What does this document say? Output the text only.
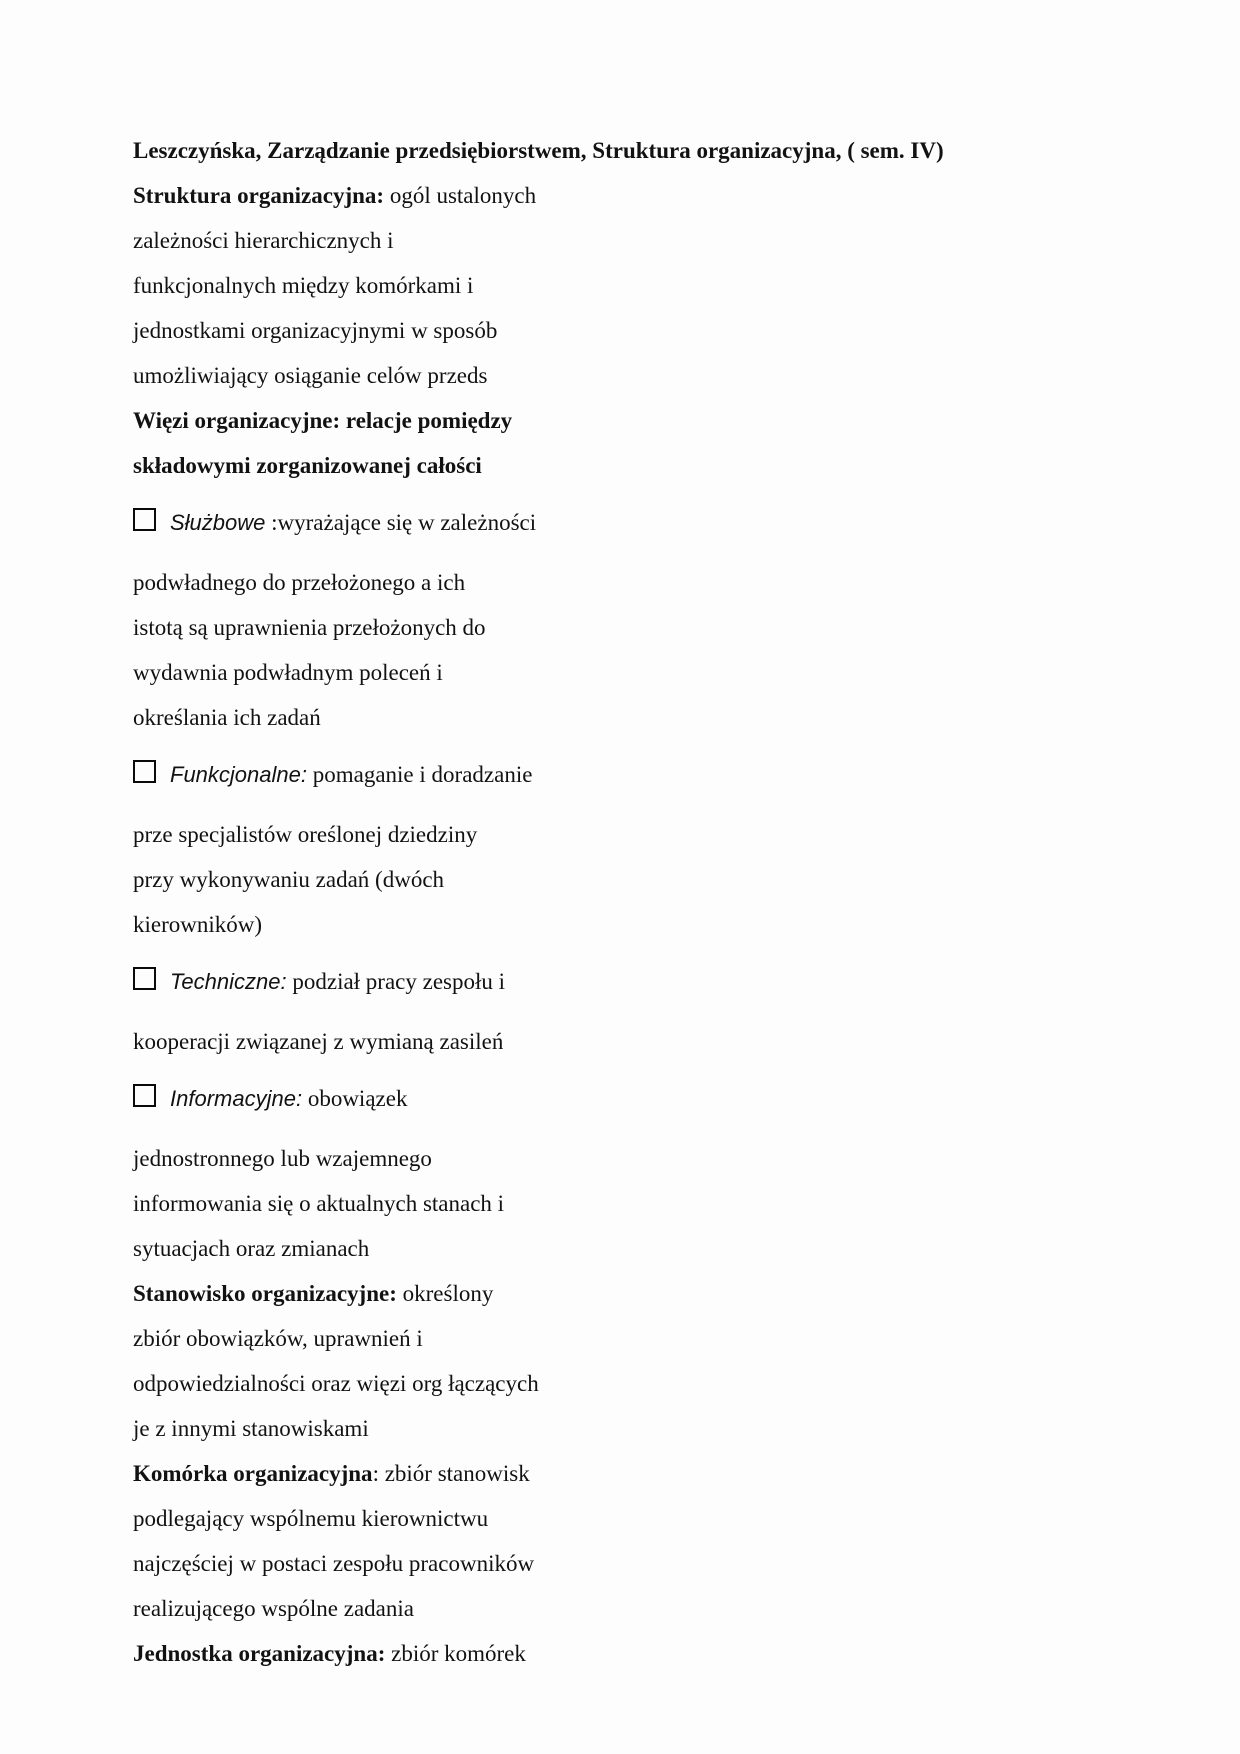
Leszczyńska, Zarządzanie przedsiębiorstwem, Struktura organizacyjna, ( sem. IV)
Struktura organizacyjna: ogól ustalonych
zależności hierarchicznych i
funkcjonalnych między komórkami i
jednostkami organizacyjnymi w sposób
umożliwiający osiąganie celów przeds
Więzi organizacyjne: relacje pomiędzy
składowymi zorganizowanej całości
Służbowe :wyrażające się w zależności
podwładnego do przełożonego a ich
istotą są uprawnienia przełożonych do
wydawnia podwładnym poleceń i
określania ich zadań
Funkcjonalne: pomaganie i doradzanie
prze specjalistów oreślonej dziedziny
przy wykonywaniu zadań (dwóch
kierowników)
Techniczne: podział pracy zespołu i
kooperacji związanej z wymianą zasileń
Informacyjne: obowiązek
jednostronnego lub wzajemnego
informowania się o aktualnych stanach i
sytuacjach oraz zmianach
Stanowisko organizacyjne: określony
zbiór obowiązków, uprawnień i
odpowiedzialności oraz więzi org łączących
je z innymi stanowiskami
Komórka organizacyjna: zbiór stanowisk
podlegający wspólnemu kierownictwu
najczęściej w postaci zespołu pracowników
realizującego wspólne zadania
Jednostka organizacyjna: zbiór komórek
